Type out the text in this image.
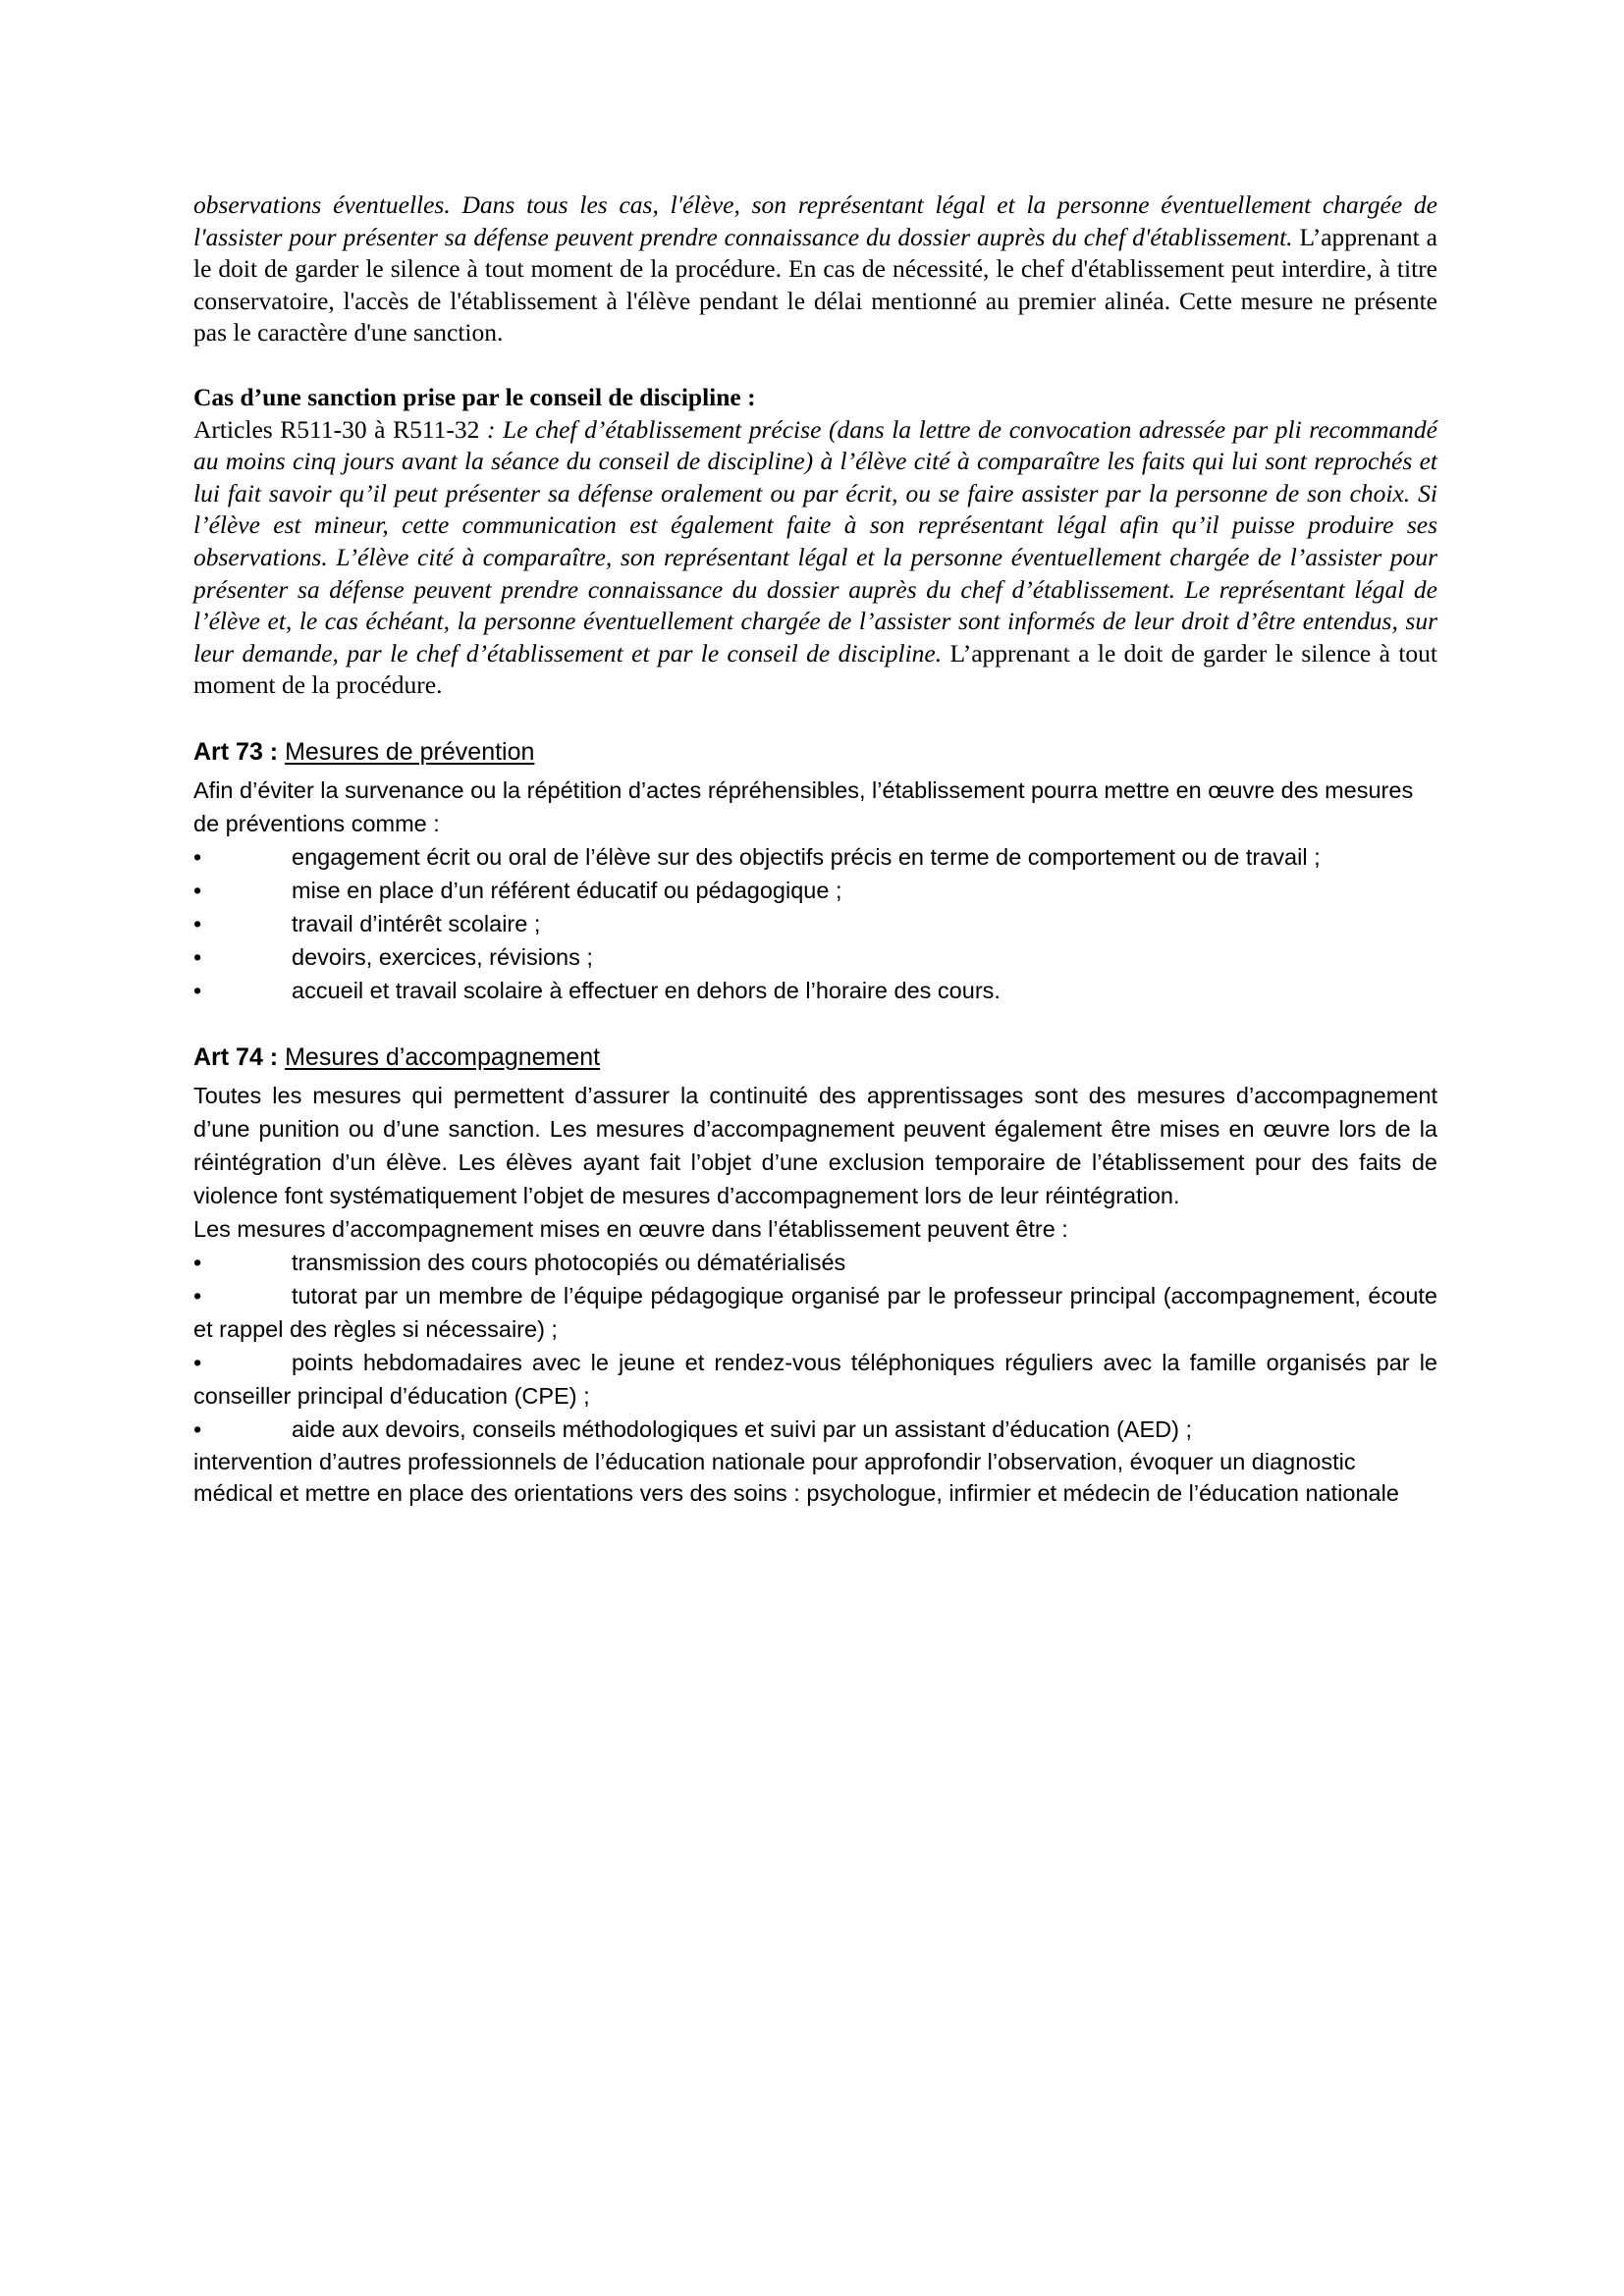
observations éventuelles. Dans tous les cas, l'élève, son représentant légal et la personne éventuellement chargée de l'assister pour présenter sa défense peuvent prendre connaissance du dossier auprès du chef d'établissement. L’apprenant a le doit de garder le silence à tout moment de la procédure. En cas de nécessité, le chef d'établissement peut interdire, à titre conservatoire, l'accès de l'établissement à l'élève pendant le délai mentionné au premier alinéa. Cette mesure ne présente pas le caractère d'une sanction.

Cas d’une sanction prise par le conseil de discipline :

Articles R511-30 à R511-32 : Le chef d’établissement précise (dans la lettre de convocation adressée par pli recommandé au moins cinq jours avant la séance du conseil de discipline) à l’élève cité à comparaître les faits qui lui sont reprochés et lui fait savoir qu’il peut présenter sa défense oralement ou par écrit, ou se faire assister par la personne de son choix. Si l’élève est mineur, cette communication est également faite à son représentant légal afin qu’il puisse produire ses observations. L’élève cité à comparaître, son représentant légal et la personne éventuellement chargée de l’assister pour présenter sa défense peuvent prendre connaissance du dossier auprès du chef d’établissement. Le représentant légal de l’élève et, le cas échéant, la personne éventuellement chargée de l’assister sont informés de leur droit d’être entendus, sur leur demande, par le chef d’établissement et par le conseil de discipline. L’apprenant a le doit de garder le silence à tout moment de la procédure.

Art 73 : Mesures de prévention

Afin d’éviter la survenance ou la répétition d’actes répréhensibles, l’établissement pourra mettre en œuvre des mesures de préventions comme :

•	engagement écrit ou oral de l’élève sur des objectifs précis en terme de comportement ou de travail ;

•	mise en place d’un référent éducatif ou pédagogique ;

•	travail d’intérêt scolaire ;

•	devoirs, exercices, révisions ;

•	accueil et travail scolaire à effectuer en dehors de l’horaire des cours.

Art 74 : Mesures d’accompagnement

Toutes les mesures qui permettent d’assurer la continuité des apprentissages sont des mesures d’accompagnement d’une punition ou d’une sanction. Les mesures d’accompagnement peuvent également être mises en œuvre lors de la réintégration d’un élève. Les élèves ayant fait l’objet d’une exclusion temporaire de l’établissement pour des faits de violence font systématiquement l’objet de mesures d’accompagnement lors de leur réintégration.

Les mesures d’accompagnement mises en œuvre dans l’établissement peuvent être :

•	transmission des cours photocopiés ou dématérialisés

•	tutorat par un membre de l’équipe pédagogique organisé par le professeur principal (accompagnement, écoute et rappel des règles si nécessaire) ;

•	points hebdomadaires avec le jeune et rendez-vous téléphoniques réguliers avec la famille organisés par le conseiller principal d’éducation (CPE) ;

•	aide aux devoirs, conseils méthodologiques et suivi par un assistant d’éducation (AED) ;

intervention d’autres professionnels de l’éducation nationale pour approfondir l’observation, évoquer un diagnostic médical et mettre en place des orientations vers des soins : psychologue, infirmier et médecin de l’éducation nationale
